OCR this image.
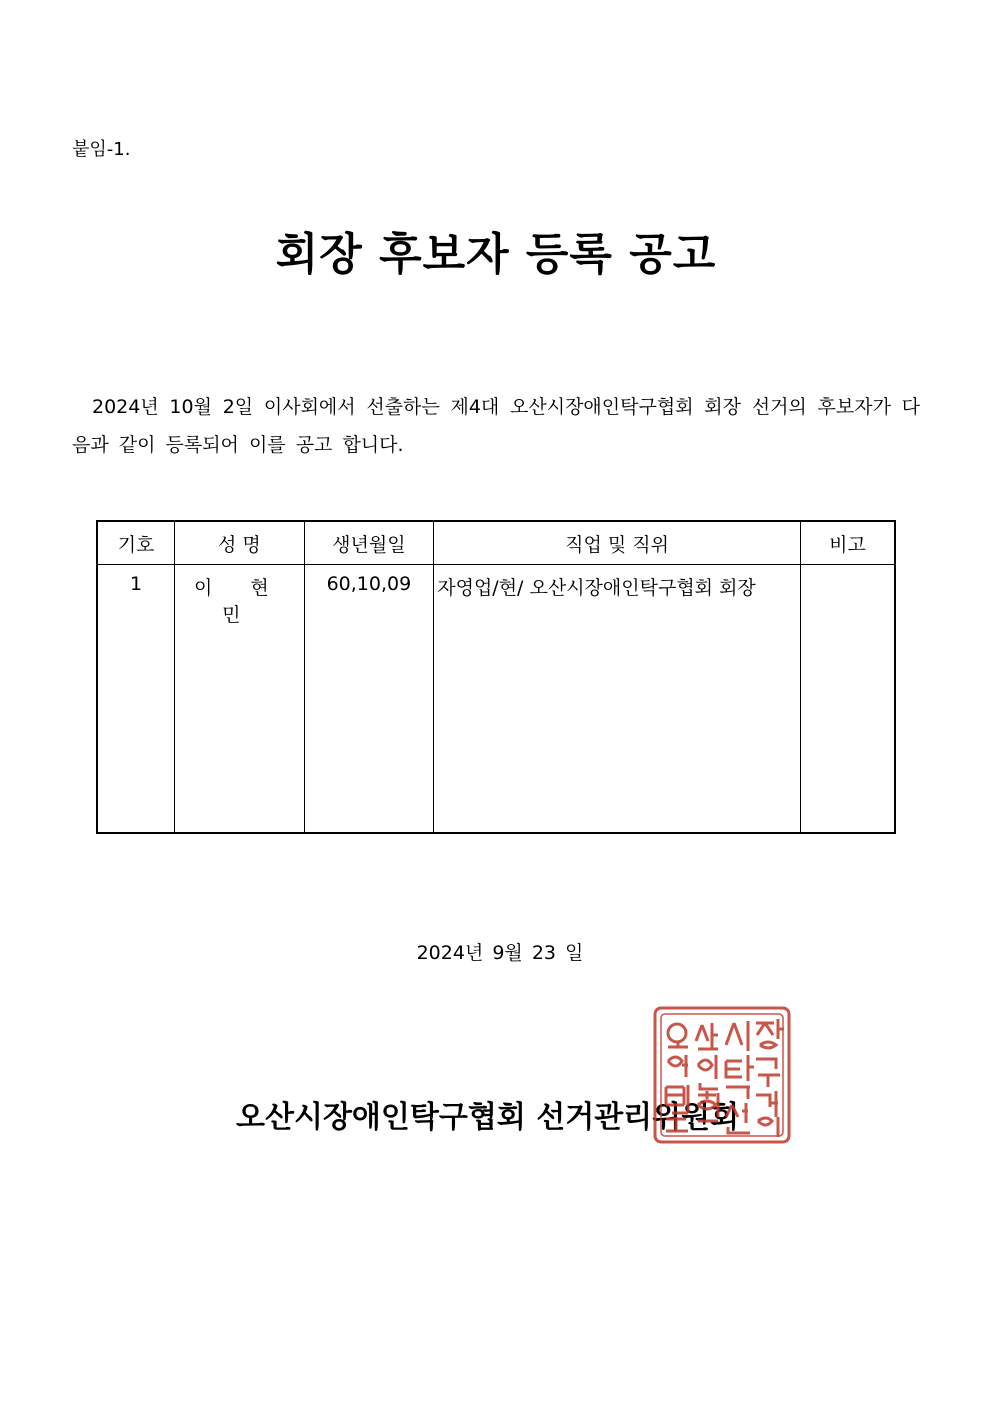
붙임-1.
회장 후보자 등록 공고
2024년 10월 2일 이사회에서 선출하는 제4대 오산시장애인탁구협회 회장 선거의 후보자가 다음과 같이 등록되어 이를 공고 합니다.
기호	성 명	생년월일	직업 및 직위	비고
1	이 현 민	60,10,09	자영업/현/ 오산시장애인탁구협회 회장	
2024년 9월 23 일
오산시장애인탁구협회 선거관리위원회
